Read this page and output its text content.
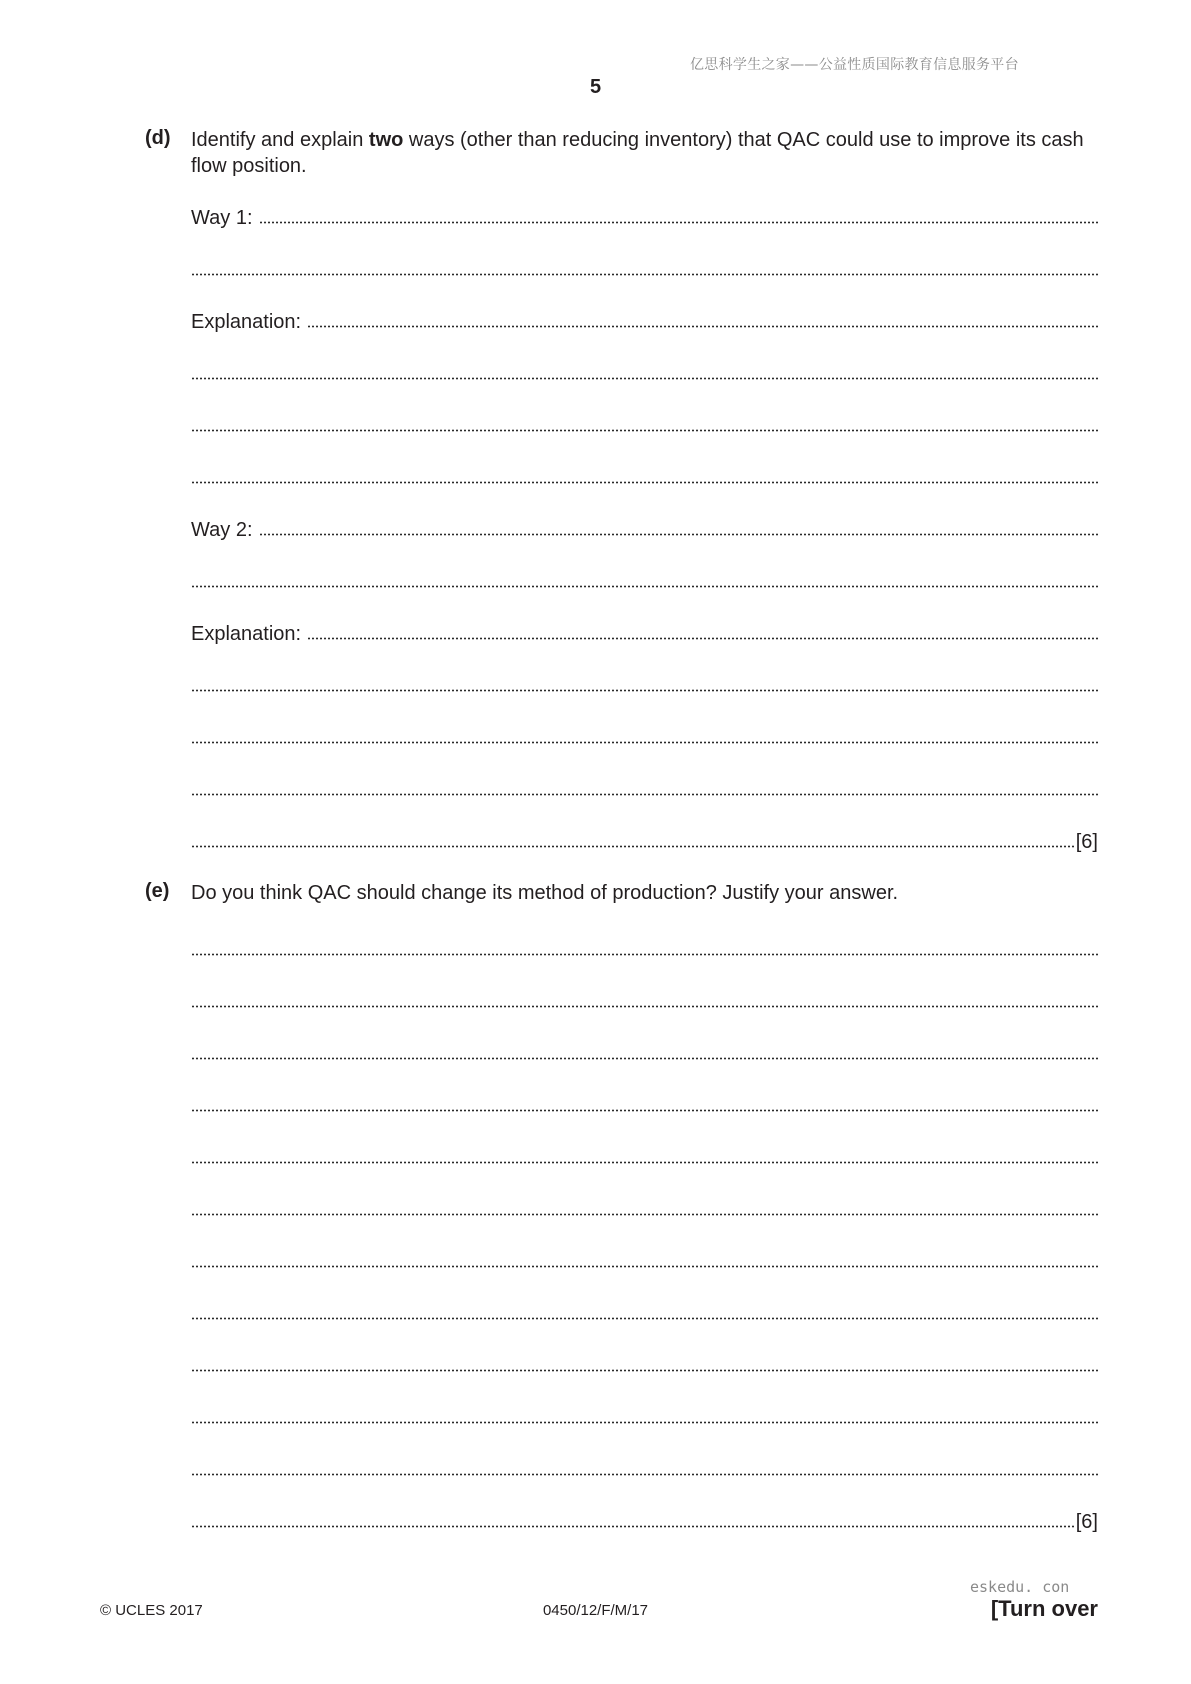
亿思科学生之家——公益性质国际教育信息服务平台
5
(d) Identify and explain two ways (other than reducing inventory) that QAC could use to improve its cash flow position.
Way 1:
Explanation:
Way 2:
Explanation:
[6]
(e) Do you think QAC should change its method of production? Justify your answer.
[6]
© UCLES 2017	0450/12/F/M/17
eskedu. con
[Turn over
